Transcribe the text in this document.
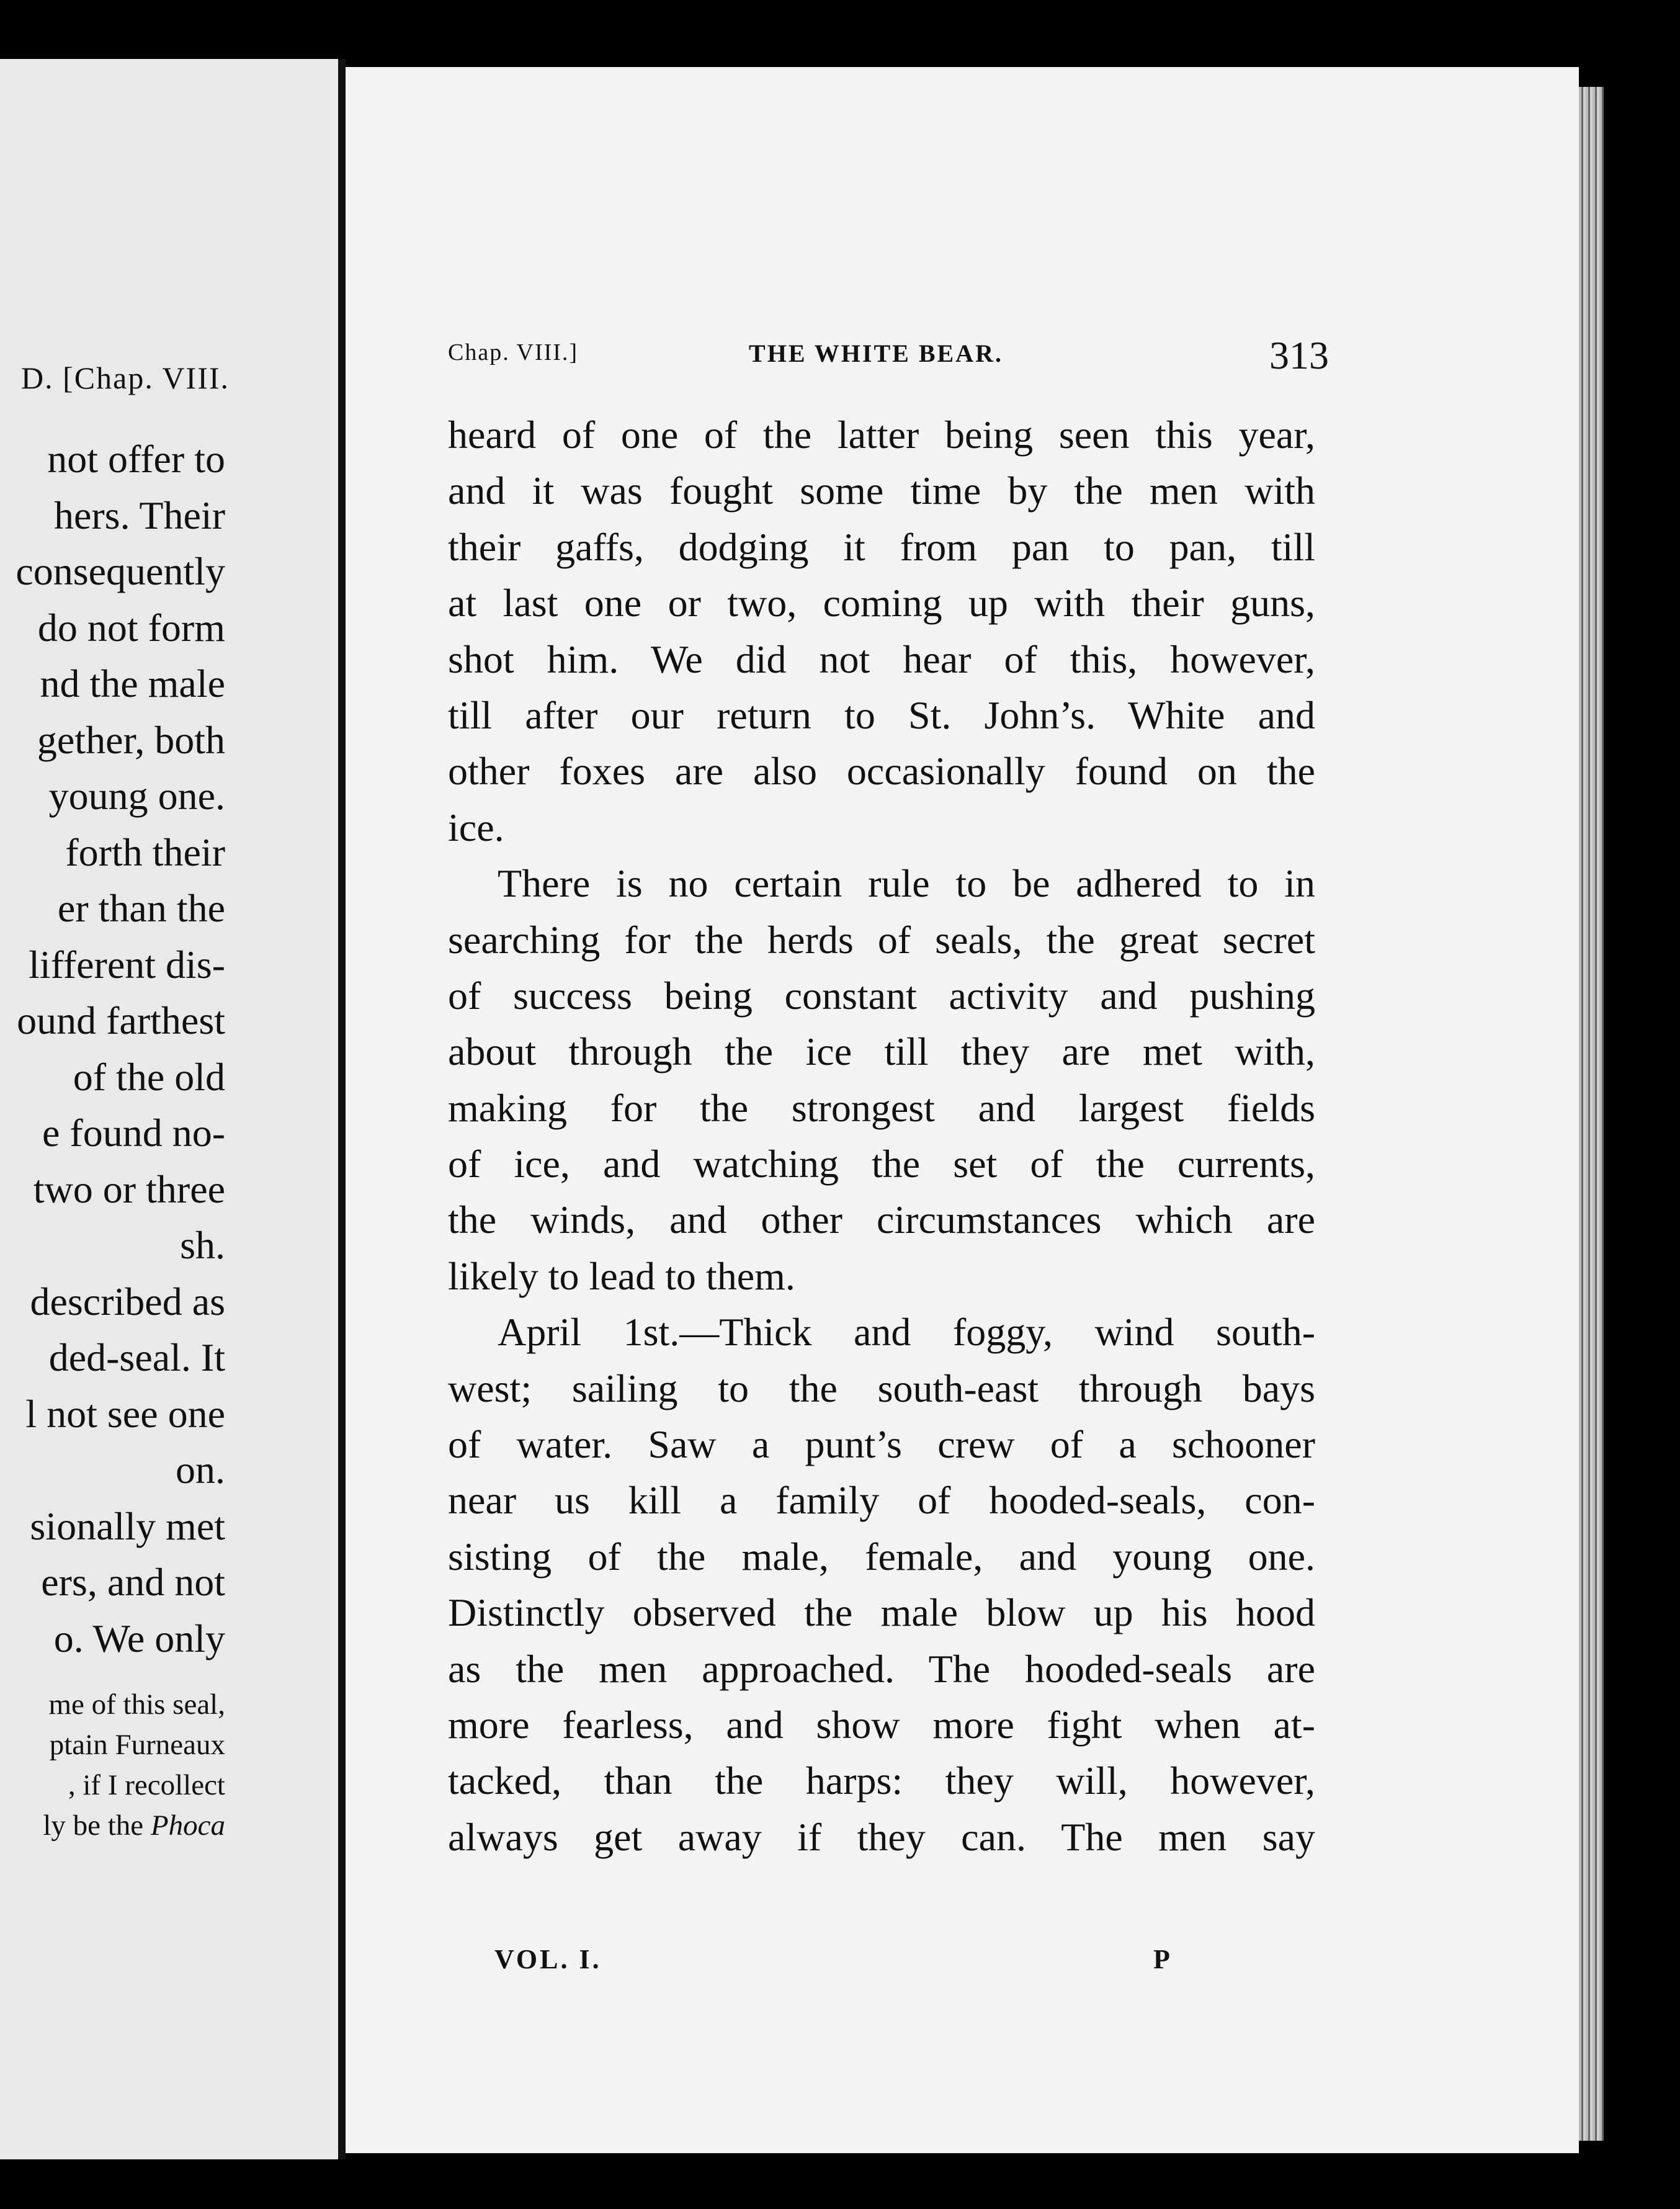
D. [Chap. VIII.
not offer to
hers. Their
consequently
do not form
nd the male
gether, both
young one.
forth their
er than the
lifferent dis-
ound farthest
of the old
e found no-
two or three
sh.
described as
ded-seal. It
l not see one
on.
sionally met
ers, and not
o. We only
me of this seal,
ptain Furneaux
, if I recollect
ly be the Phoca
Chap. VIII.]	THE WHITE BEAR.	313
heard of one of the latter being seen this year,
and it was fought some time by the men with
their gaffs, dodging it from pan to pan, till
at last one or two, coming up with their guns,
shot him. We did not hear of this, however,
till after our return to St. John’s. White and
other foxes are also occasionally found on the
ice.
There is no certain rule to be adhered to in
searching for the herds of seals, the great secret
of success being constant activity and pushing
about through the ice till they are met with,
making for the strongest and largest fields
of ice, and watching the set of the currents,
the winds, and other circumstances which are
likely to lead to them.
April 1st.—Thick and foggy, wind south-
west; sailing to the south-east through bays
of water. Saw a punt’s crew of a schooner
near us kill a family of hooded-seals, con-
sisting of the male, female, and young one.
Distinctly observed the male blow up his hood
as the men approached. The hooded-seals are
more fearless, and show more fight when at-
tacked, than the harps: they will, however,
always get away if they can. The men say
VOL. I.	P
